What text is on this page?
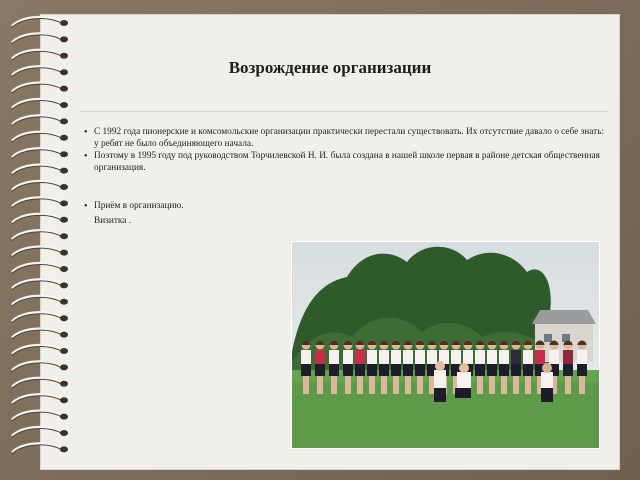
Возрождение организации
• С 1992 года пионерские и комсомольские организации практически перестали существовать. Их отсутствие давало о себе знать: у ребят не было объединяющего начала.
• Поэтому в 1995 году под руководством Торчилевской Н. И. была создана в нашей школе первая в районе детская общественная организация.
• Приём в организацию.
Визитка .
